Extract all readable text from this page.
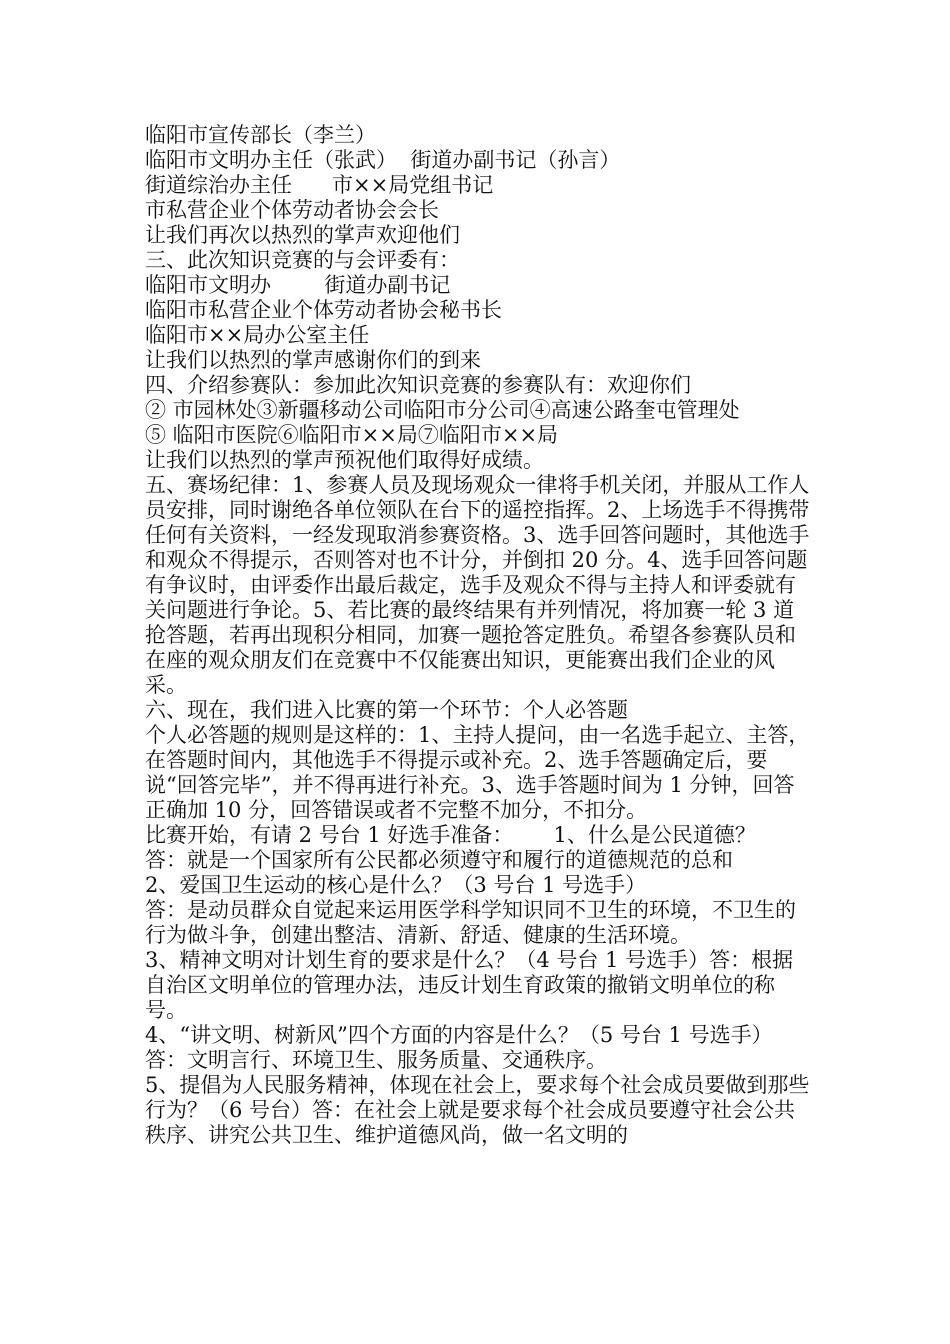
临阳市宣传部长（李兰）

临阳市文明办主任（张武）  街道办副书记（孙言）

街道综治办主任      市××局党组书记

市私营企业个体劳动者协会会长

让我们再次以热烈的掌声欢迎他们

三、此次知识竞赛的与会评委有：

临阳市文明办        街道办副书记

临阳市私营企业个体劳动者协会秘书长

临阳市××局办公室主任

让我们以热烈的掌声感谢你们的到来

四、介绍参赛队：参加此次知识竞赛的参赛队有：欢迎你们

② 市园林处③新疆移动公司临阳市分公司④高速公路奎屯管理处

⑤ 临阳市医院⑥临阳市××局⑦临阳市××局

让我们以热烈的掌声预祝他们取得好成绩。

五、赛场纪律：1、参赛人员及现场观众一律将手机关闭，并服从工作人员安排，同时谢绝各单位领队在台下的遥控指挥。2、上场选手不得携带任何有关资料，一经发现取消参赛资格。3、选手回答问题时，其他选手和观众不得提示，否则答对也不计分，并倒扣 20 分。4、选手回答问题有争议时，由评委作出最后裁定，选手及观众不得与主持人和评委就有关问题进行争论。5、若比赛的最终结果有并列情况，将加赛一轮 3 道抢答题，若再出现积分相同，加赛一题抢答定胜负。希望各参赛队员和在座的观众朋友们在竞赛中不仅能赛出知识，更能赛出我们企业的风采。

六、现在，我们进入比赛的第一个环节：个人必答题

个人必答题的规则是这样的：1、主持人提问，由一名选手起立、主答，在答题时间内，其他选手不得提示或补充。2、选手答题确定后，要说“回答完毕”，并不得再进行补充。3、选手答题时间为 1 分钟，回答正确加 10 分，回答错误或者不完整不加分，不扣分。

比赛开始，有请 2 号台 1 好选手准备：      1、什么是公民道德？

答：就是一个国家所有公民都必须遵守和履行的道德规范的总和

2、爱国卫生运动的核心是什么？（3 号台 1 号选手）

答：是动员群众自觉起来运用医学科学知识同不卫生的环境，不卫生的行为做斗争，创建出整洁、清新、舒适、健康的生活环境。

3、精神文明对计划生育的要求是什么？（4 号台 1 号选手）答：根据自治区文明单位的管理办法，违反计划生育政策的撤销文明单位的称号。

4、“讲文明、树新风”四个方面的内容是什么？（5 号台 1 号选手）

答：文明言行、环境卫生、服务质量、交通秩序。

5、提倡为人民服务精神，体现在社会上，要求每个社会成员要做到那些行为？（6 号台）答：在社会上就是要求每个社会成员要遵守社会公共秩序、讲究公共卫生、维护道德风尚，做一名文明的
